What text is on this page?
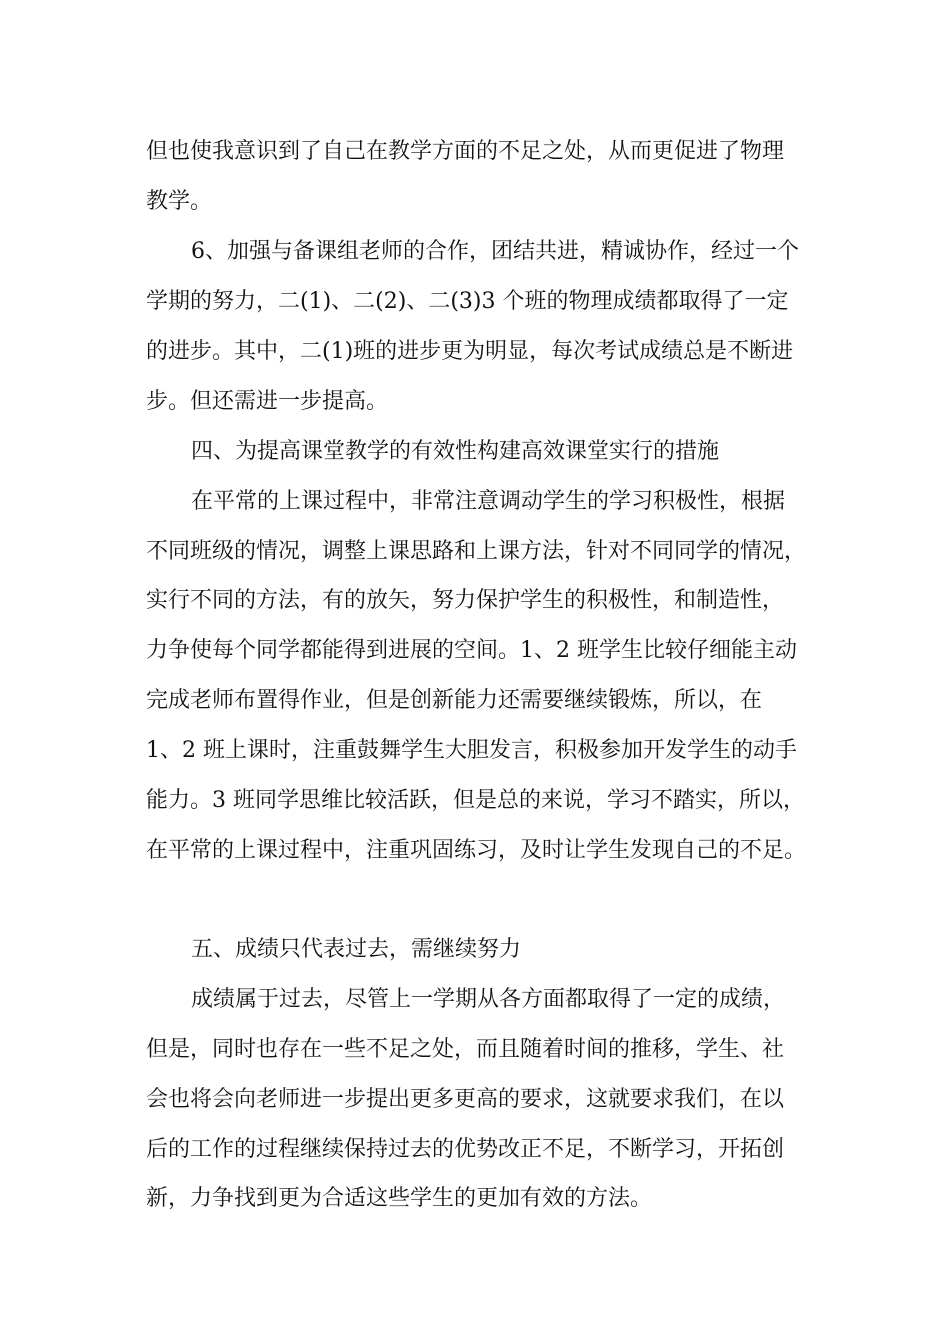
但也使我意识到了自己在教学方面的不足之处，从而更促进了物理
教学。
6、加强与备课组老师的合作，团结共进，精诚协作，经过一个
学期的努力，二(1)、二(2)、二(3)3 个班的物理成绩都取得了一定
的进步。其中，二(1)班的进步更为明显，每次考试成绩总是不断进
步。但还需进一步提高。
四、为提高课堂教学的有效性构建高效课堂实行的措施
在平常的上课过程中，非常注意调动学生的学习积极性，根据
不同班级的情况，调整上课思路和上课方法，针对不同同学的情况，
实行不同的方法，有的放矢，努力保护学生的积极性，和制造性，
力争使每个同学都能得到进展的空间。1、2 班学生比较仔细能主动
完成老师布置得作业，但是创新能力还需要继续锻炼，所以，在
1、2 班上课时，注重鼓舞学生大胆发言，积极参加开发学生的动手
能力。3 班同学思维比较活跃，但是总的来说，学习不踏实，所以，
在平常的上课过程中，注重巩固练习，及时让学生发现自己的不足。
五、成绩只代表过去，需继续努力
成绩属于过去，尽管上一学期从各方面都取得了一定的成绩，
但是，同时也存在一些不足之处，而且随着时间的推移，学生、社
会也将会向老师进一步提出更多更高的要求，这就要求我们，在以
后的工作的过程继续保持过去的优势改正不足，不断学习，开拓创
新，力争找到更为合适这些学生的更加有效的方法。
